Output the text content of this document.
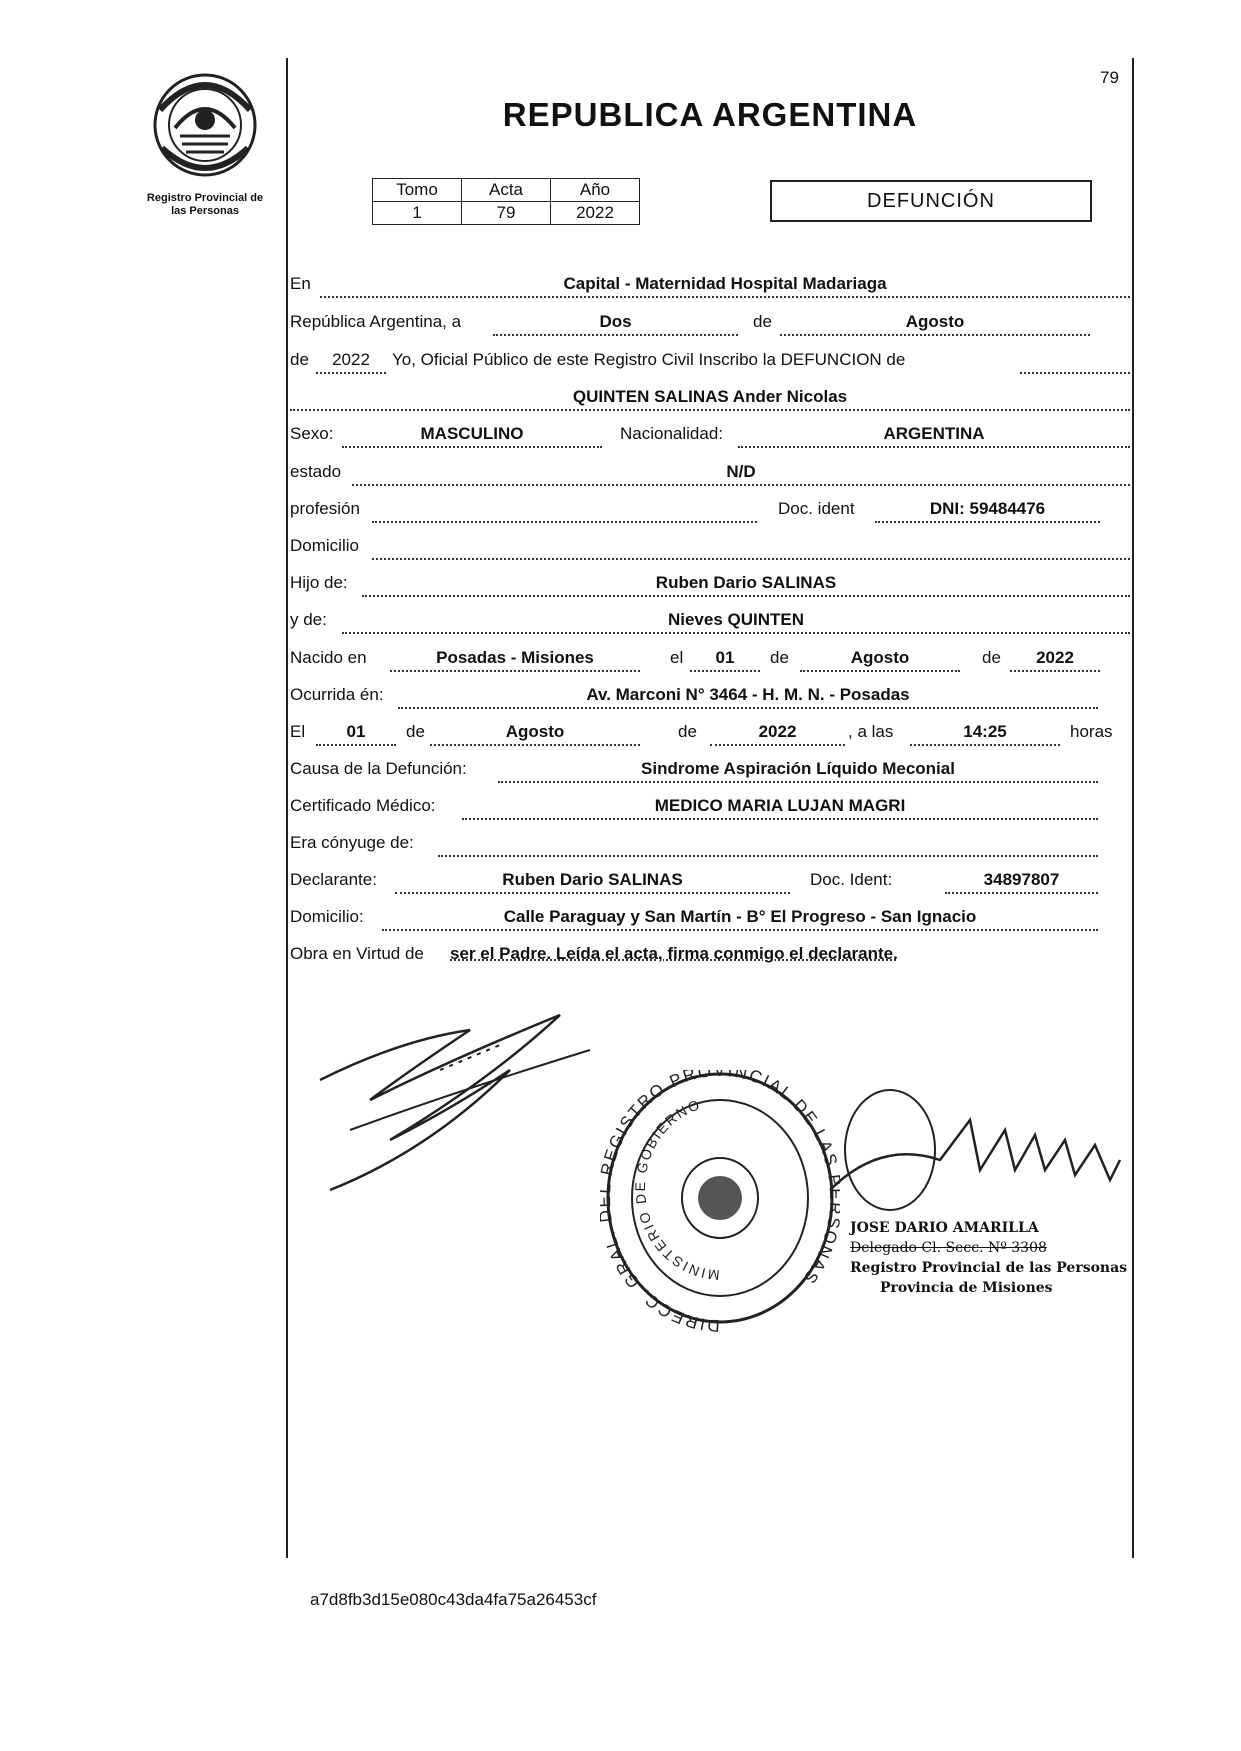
Registro Provincial de
las Personas
79
REPUBLICA ARGENTINA
Tomo	Acta	Año
1	79	2022
DEFUNCIÓN
En	Capital - Maternidad Hospital Madariaga
República Argentina, a	Dos	de	Agosto
de	2022	Yo, Oficial Público de este Registro Civil Inscribo la DEFUNCION de
QUINTEN SALINAS Ander Nicolas
Sexo:	MASCULINO	Nacionalidad:	ARGENTINA
estado	N/D
profesión	Doc. ident	DNI: 59484476
Domicilio
Hijo de:	Ruben Dario SALINAS
y de:	Nieves QUINTEN
Nacido en	Posadas - Misiones	el	01	de	Agosto	de	2022
Ocurrida én:	Av. Marconi N° 3464 - H. M. N. - Posadas
El	01	de	Agosto	de	2022	, a las	14:25	horas
Causa de la Defunción:	Sindrome Aspiración Líquido Meconial
Certificado Médico:	MEDICO MARIA LUJAN MAGRI
Era cónyuge de:
Declarante:	Ruben Dario SALINAS	Doc. Ident:	34897807
Domicilio:	Calle Paraguay y San Martín - B° El Progreso - San Ignacio
Obra en Virtud de ser el Padre. Leída el acta, firma conmigo el declarante.
DIRECC. GRAL. EGISTRO PROVINCIAL DE LAS ONAS
MINISTERIO DE GOBIERNO
JOSE DARIO AMARILLA
Delegado Cl. Secc. Nº 3308
Registro Provincial de las Personas
Provincia de Misiones
a7d8fb3d15e080c43da4fa75a26453cf
